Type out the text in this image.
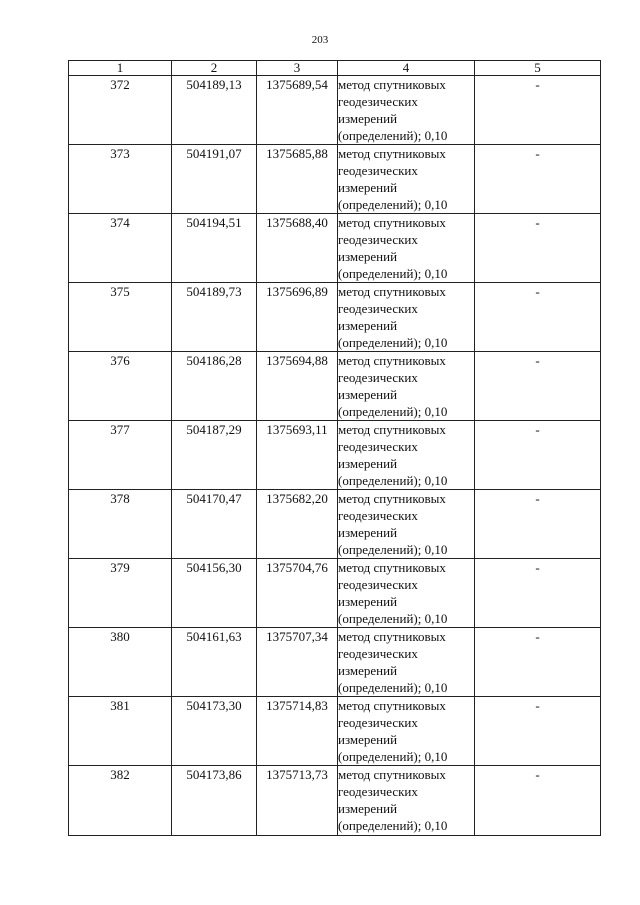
203
1	2	3	4	5
372	504189,13	1375689,54	метод спутниковых
геодезических
измерений
(определений); 0,10	-
373	504191,07	1375685,88	метод спутниковых
геодезических
измерений
(определений); 0,10	-
374	504194,51	1375688,40	метод спутниковых
геодезических
измерений
(определений); 0,10	-
375	504189,73	1375696,89	метод спутниковых
геодезических
измерений
(определений); 0,10	-
376	504186,28	1375694,88	метод спутниковых
геодезических
измерений
(определений); 0,10	-
377	504187,29	1375693,11	метод спутниковых
геодезических
измерений
(определений); 0,10	-
378	504170,47	1375682,20	метод спутниковых
геодезических
измерений
(определений); 0,10	-
379	504156,30	1375704,76	метод спутниковых
геодезических
измерений
(определений); 0,10	-
380	504161,63	1375707,34	метод спутниковых
геодезических
измерений
(определений); 0,10	-
381	504173,30	1375714,83	метод спутниковых
геодезических
измерений
(определений); 0,10	-
382	504173,86	1375713,73	метод спутниковых
геодезических
измерений
(определений); 0,10	-
